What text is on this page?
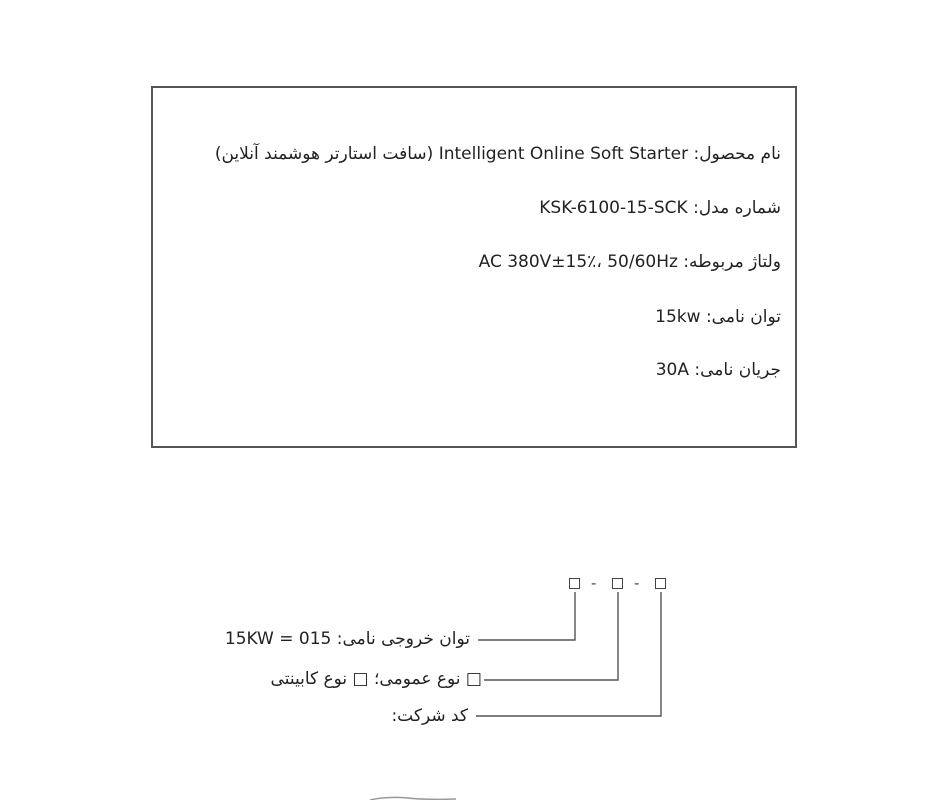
نام محصول: Intelligent Online Soft Starter (سافت استارتر هوشمند آنلاین)
شماره مدل: KSK-6100-15-SCK
ولتاژ مربوطه: AC 380V±15٪، 50/60Hz
توان نامی: 15kw
جریان نامی: 30A
-	-
توان خروجی نامی: 015 = 15KW
□ نوع عمومی؛ □ نوع کابینتی
کد شرکت:
